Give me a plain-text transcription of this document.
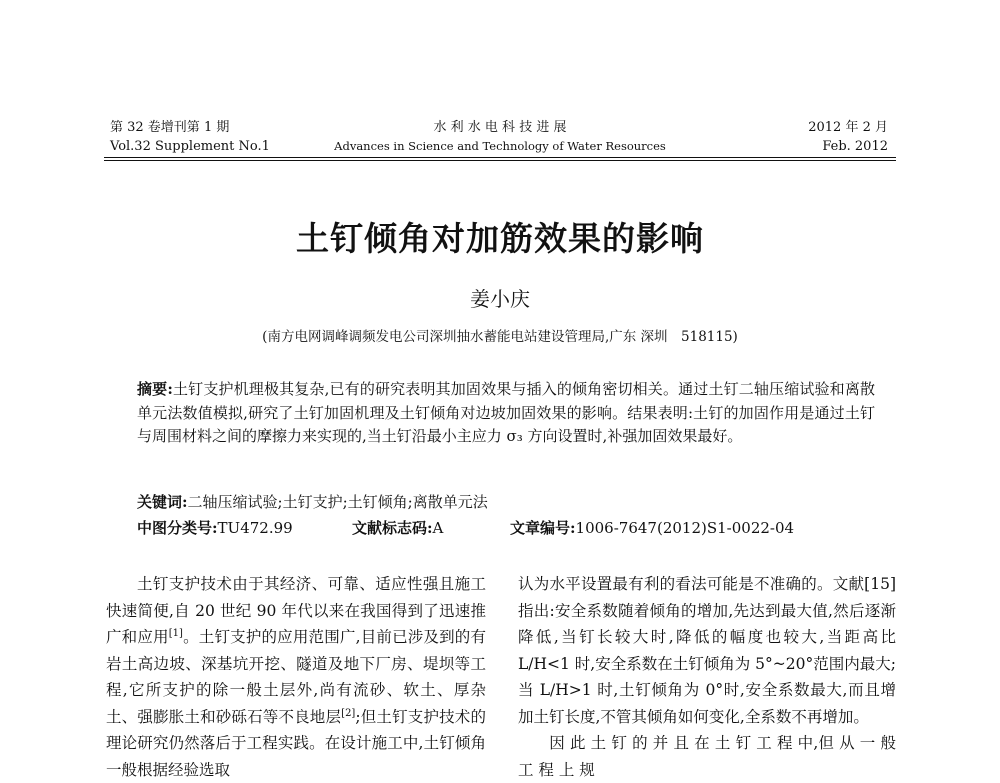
第 32 卷增刊第 1 期
Vol.32 Supplement No.1
水 利 水 电 科 技 进 展
Advances in Science and Technology of Water Resources
2012 年 2 月
Feb. 2012
土钉倾角对加筋效果的影响
姜小庆
(南方电网调峰调频发电公司深圳抽水蓄能电站建设管理局,广东 深圳　518115)

摘要:土钉支护机理极其复杂,已有的研究表明其加固效果与插入的倾角密切相关。通过土钉二轴压缩试验和离散单元法数值模拟,研究了土钉加固机理及土钉倾角对边坡加固效果的影响。结果表明:土钉的加固作用是通过土钉与周围材料之间的摩擦力来实现的,当土钉沿最小主应力 σ₃ 方向设置时,补强加固效果最好。

关键词:二轴压缩试验;土钉支护;土钉倾角;离散单元法

中图分类号:TU472.99	文献标志码:A	文章编号:1006-7647(2012)S1-0022-04

土钉支护技术由于其经济、可靠、适应性强且施工快速简便,自 20 世纪 90 年代以来在我国得到了迅速推广和应用[1]。土钉支护的应用范围广,目前已涉及到的有岩土高边坡、深基坑开挖、隧道及地下厂房、堤坝等工程,它所支护的除一般土层外,尚有流砂、软土、厚杂土、强膨胀土和砂砾石等不良地层[2];但土钉支护技术的理论研究仍然落后于工程实践。在设计施工中,土钉倾角一般根据经验选取

认为水平设置最有利的看法可能是不准确的。文献[15]指出:安全系数随着倾角的增加,先达到最大值,然后逐渐降低,当钉长较大时,降低的幅度也较大,当距高比 L/H<1 时,安全系数在土钉倾角为 5°~20°范围内最大;当 L/H>1 时,土钉倾角为 0°时,安全系数最大,而且增加土钉长度,不管其倾角如何变化,全系数不再增加。
　　因 此 土 钉 的 并 且 在 土 钉 工 程 中,但 从 一 般 工 程 上 规
